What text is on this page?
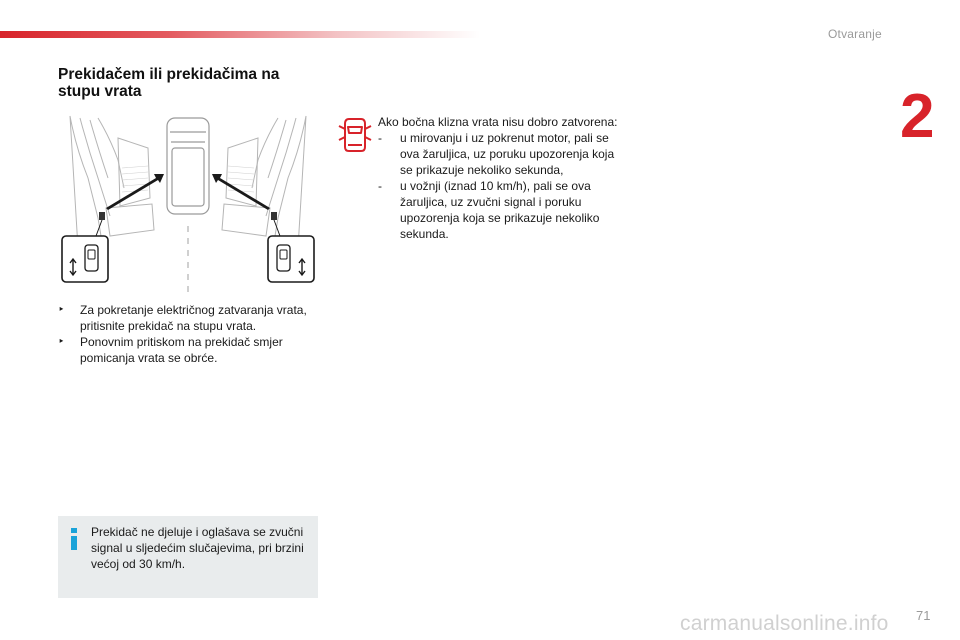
Otvaranje
2
Prekidačem ili prekidačima na stupu vrata

‣ Za pokretanje električnog zatvaranja vrata, pritisnite prekidač na stupu vrata.

‣ Ponovnim pritiskom na prekidač smjer pomicanja vrata se obrće.

Ako bočna klizna vrata nisu dobro zatvorena:
- u mirovanju i uz pokrenut motor, pali se ova žaruljica, uz poruku upozorenja koja se prikazuje nekoliko sekunda,
- u vožnji (iznad 10 km/h), pali se ova žaruljica, uz zvučni signal i poruku upozorenja koja se prikazuje nekoliko sekunda.
Prekidač ne djeluje i oglašava se zvučni signal u sljedećim slučajevima, pri brzini većoj od 30 km/h.
carmanualsonline.info 71
